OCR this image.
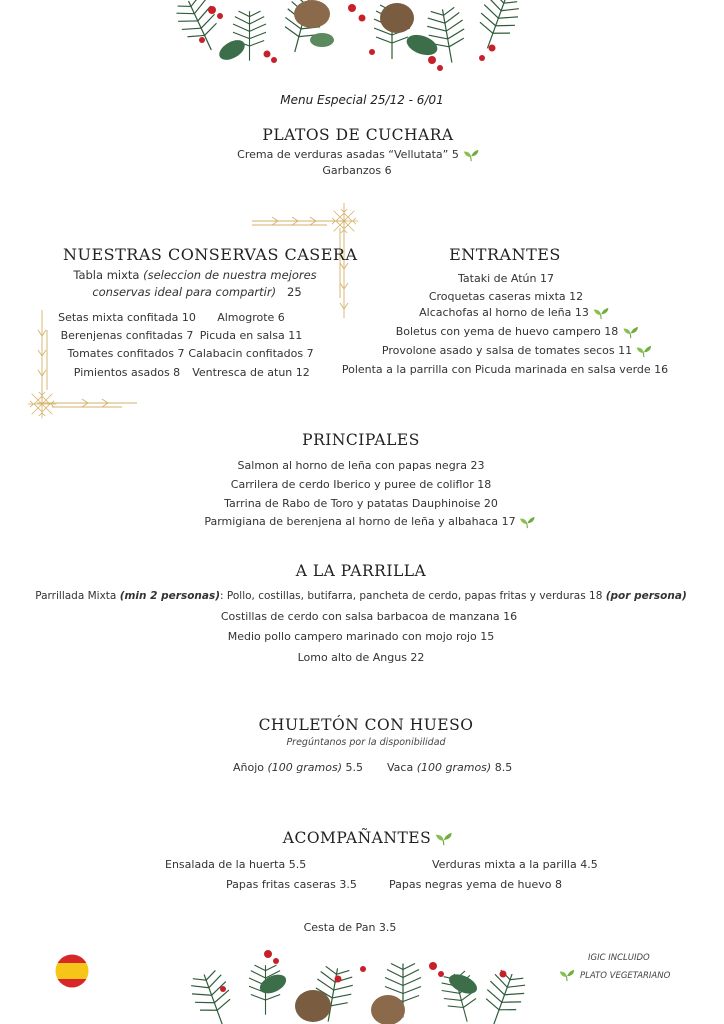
Menu Especial 25/12 - 6/01
PLATOS DE CUCHARA
Crema de verduras asadas “Vellutata” 5
Garbanzos 6
NUESTRAS CONSERVAS CASERA
Tabla mixta (seleccion de nuestra mejores
conservas ideal para compartir) 25
Setas mixta confitada 10
Berenjenas confitadas 7
Tomates confitados 7
Pimientos asados 8
Almogrote 6
Picuda en salsa 11
Calabacin confitados 7
Ventresca de atun 12
ENTRANTES
Tataki de Atún 17
Croquetas caseras mixta 12
Alcachofas al horno de leña 13
Boletus con yema de huevo campero 18
Provolone asado y salsa de tomates secos 11
Polenta a la parrilla con Picuda marinada en salsa verde 16
PRINCIPALES
Salmon al horno de leña con papas negra 23
Carrilera de cerdo Iberico y puree de coliflor 18
Tarrina de Rabo de Toro y patatas Dauphinoise 20
Parmigiana de berenjena al horno de leña y albahaca 17
A LA PARRILLA
Parrillada Mixta (min 2 personas): Pollo, costillas, butifarra, pancheta de cerdo, papas fritas y verduras 18 (por persona)
Costillas de cerdo con salsa barbacoa de manzana 16
Medio pollo campero marinado con mojo rojo 15
Lomo alto de Angus 22
CHULETÓN CON HUESO
Pregúntanos por la disponibilidad
Añojo (100 gramos) 5.5 Vaca (100 gramos) 8.5
ACOMPAÑANTES
Ensalada de la huerta 5.5	Verduras mixta a la parilla 4.5
Papas fritas caseras 3.5	Papas negras yema de huevo 8
Cesta de Pan 3.5
IGIC INCLUIDO
PLATO VEGETARIANO
